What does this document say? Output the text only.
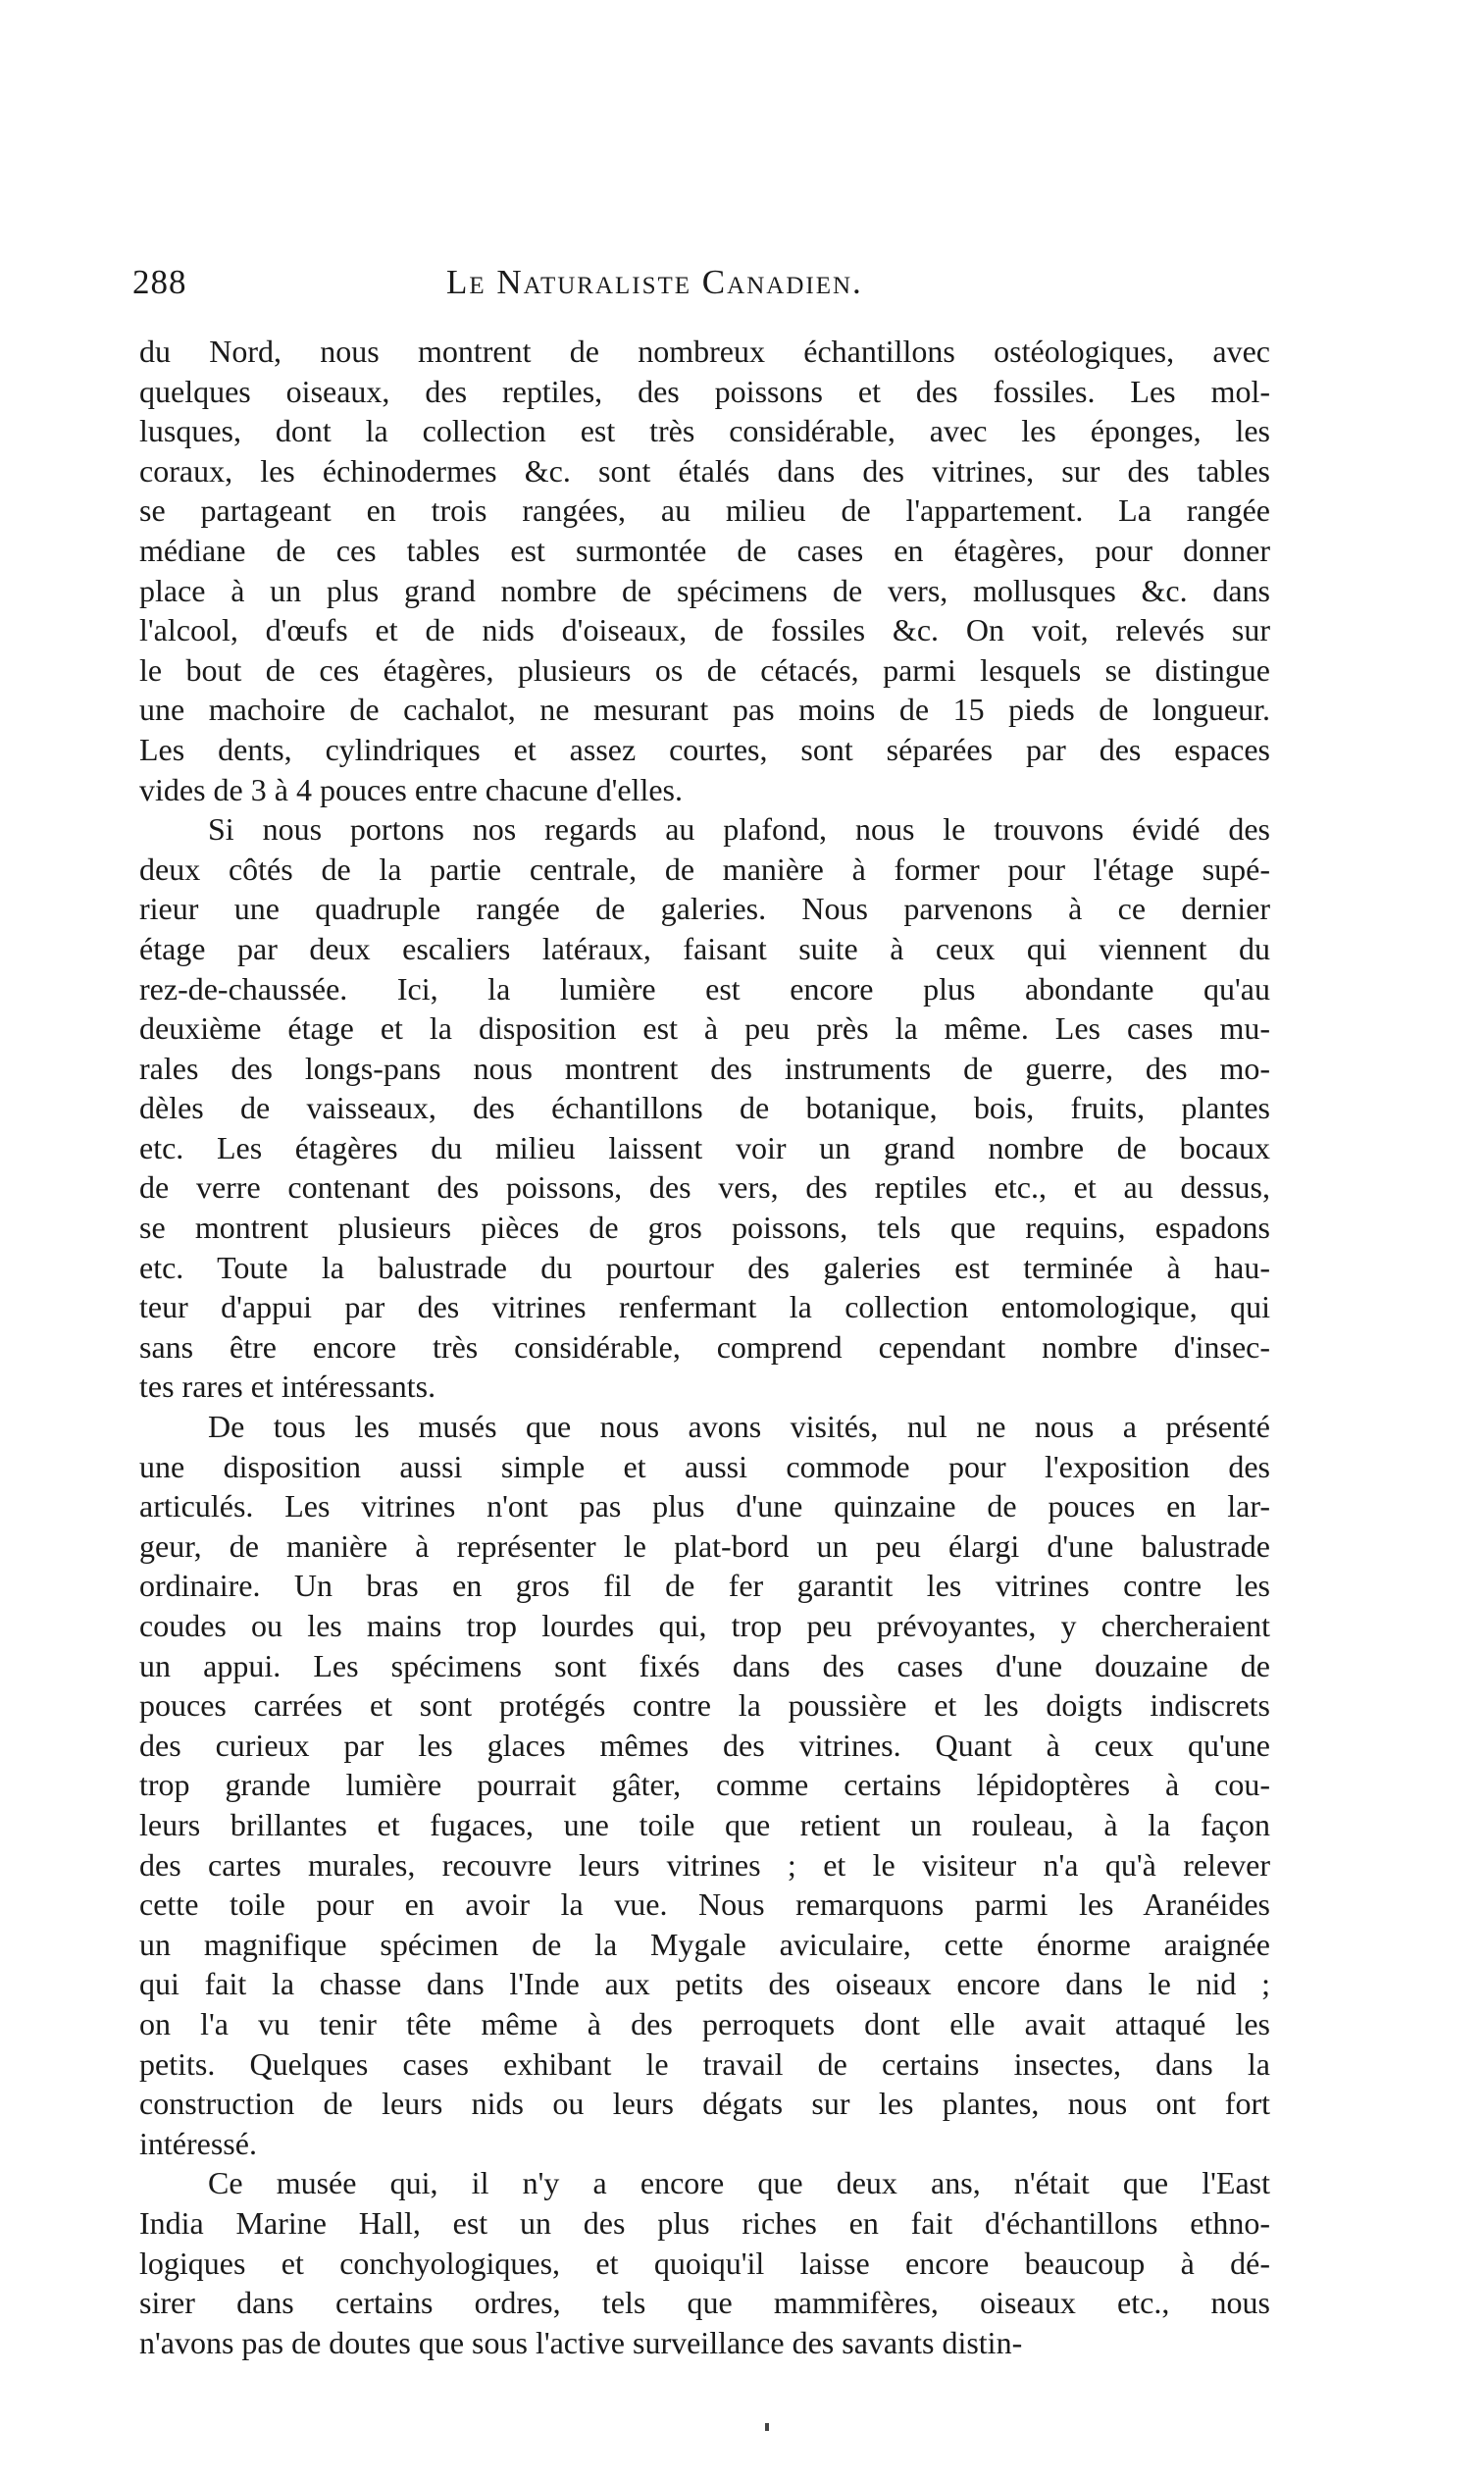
288	Le Naturaliste Canadien.
du Nord, nous montrent de nombreux échantillons ostéologiques, avec
quelques oiseaux, des reptiles, des poissons et des fossiles. Les mol-
lusques, dont la collection est très considérable, avec les éponges, les
coraux, les échinodermes &c. sont étalés dans des vitrines, sur des tables
se partageant en trois rangées, au milieu de l'appartement. La rangée
médiane de ces tables est surmontée de cases en étagères, pour donner
place à un plus grand nombre de spécimens de vers, mollusques &c. dans
l'alcool, d'œufs et de nids d'oiseaux, de fossiles &c. On voit, relevés sur
le bout de ces étagères, plusieurs os de cétacés, parmi lesquels se distingue
une machoire de cachalot, ne mesurant pas moins de 15 pieds de longueur.
Les dents, cylindriques et assez courtes, sont séparées par des espaces
vides de 3 à 4 pouces entre chacune d'elles.
Si nous portons nos regards au plafond, nous le trouvons évidé des
deux côtés de la partie centrale, de manière à former pour l'étage supé-
rieur une quadruple rangée de galeries. Nous parvenons à ce dernier
étage par deux escaliers latéraux, faisant suite à ceux qui viennent du
rez-de-chaussée. Ici, la lumière est encore plus abondante qu'au
deuxième étage et la disposition est à peu près la même. Les cases mu-
rales des longs-pans nous montrent des instruments de guerre, des mo-
dèles de vaisseaux, des échantillons de botanique, bois, fruits, plantes
etc. Les étagères du milieu laissent voir un grand nombre de bocaux
de verre contenant des poissons, des vers, des reptiles etc., et au dessus,
se montrent plusieurs pièces de gros poissons, tels que requins, espadons
etc. Toute la balustrade du pourtour des galeries est terminée à hau-
teur d'appui par des vitrines renfermant la collection entomologique, qui
sans être encore très considérable, comprend cependant nombre d'insec-
tes rares et intéressants.
De tous les musés que nous avons visités, nul ne nous a présenté
une disposition aussi simple et aussi commode pour l'exposition des
articulés. Les vitrines n'ont pas plus d'une quinzaine de pouces en lar-
geur, de manière à représenter le plat-bord un peu élargi d'une balustrade
ordinaire. Un bras en gros fil de fer garantit les vitrines contre les
coudes ou les mains trop lourdes qui, trop peu prévoyantes, y chercheraient
un appui. Les spécimens sont fixés dans des cases d'une douzaine de
pouces carrées et sont protégés contre la poussière et les doigts indiscrets
des curieux par les glaces mêmes des vitrines. Quant à ceux qu'une
trop grande lumière pourrait gâter, comme certains lépidoptères à cou-
leurs brillantes et fugaces, une toile que retient un rouleau, à la façon
des cartes murales, recouvre leurs vitrines ; et le visiteur n'a qu'à relever
cette toile pour en avoir la vue. Nous remarquons parmi les Aranéides
un magnifique spécimen de la Mygale aviculaire, cette énorme araignée
qui fait la chasse dans l'Inde aux petits des oiseaux encore dans le nid ;
on l'a vu tenir tête même à des perroquets dont elle avait attaqué les
petits. Quelques cases exhibant le travail de certains insectes, dans la
construction de leurs nids ou leurs dégats sur les plantes, nous ont fort
intéressé.
Ce musée qui, il n'y a encore que deux ans, n'était que l'East
India Marine Hall, est un des plus riches en fait d'échantillons ethno-
logiques et conchyologiques, et quoiqu'il laisse encore beaucoup à dé-
sirer dans certains ordres, tels que mammifères, oiseaux etc., nous
n'avons pas de doutes que sous l'active surveillance des savants distin-
